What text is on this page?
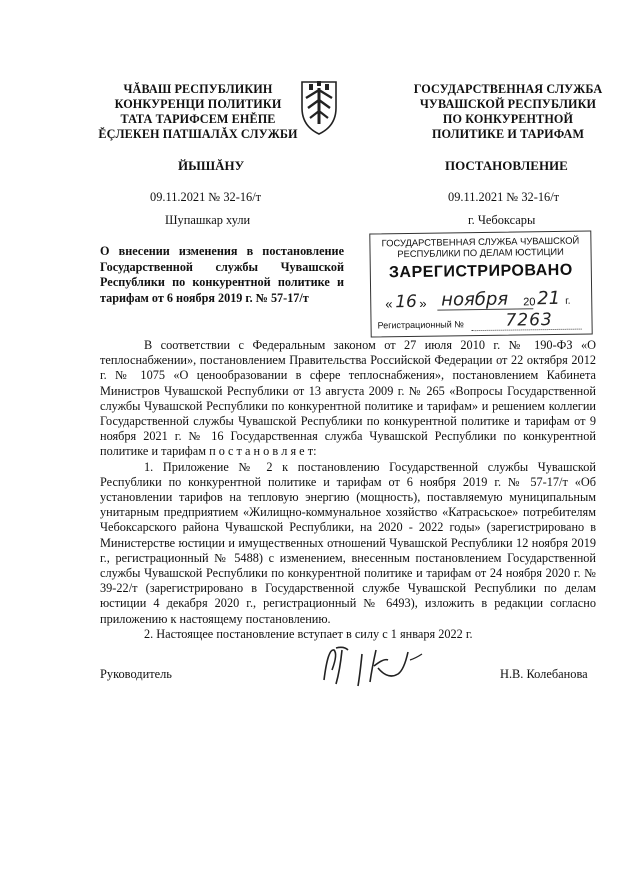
ЧĂВАШ РЕСПУБЛИКИН
КОНКУРЕНЦИ ПОЛИТИКИ
ТАТА ТАРИФСЕМ ЕНĔПЕ
ĔÇЛЕКЕН ПАТШАЛĂХ СЛУЖБИ
ГОСУДАРСТВЕННАЯ СЛУЖБА
ЧУВАШСКОЙ РЕСПУБЛИКИ
ПО КОНКУРЕНТНОЙ
ПОЛИТИКЕ И ТАРИФАМ
ЙЫШĂНУ	ПОСТАНОВЛЕНИЕ
09.11.2021 № 32-16/т	09.11.2021 № 32-16/т
Шупашкар хули	г. Чебоксары
О внесении изменения в постановление Государственной службы Чувашской Республики по конкурентной политике и тарифам от 6 ноября 2019 г. № 57-17/т
ГОСУДАРСТВЕННАЯ СЛУЖБА ЧУВАШСКОЙ
РЕСПУБЛИКИ ПО ДЕЛАМ ЮСТИЦИИ
ЗАРЕГИСТРИРОВАНО
« 16 » ноября 20 21 г.
Регистрационный № 7263

В соответствии с Федеральным законом от 27 июля 2010 г. № 190-ФЗ «О теплоснабжении», постановлением Правительства Российской Федерации от 22 октября 2012 г. № 1075 «О ценообразовании в сфере теплоснабжения», постановлением Кабинета Министров Чувашской Республики от 13 августа 2009 г. № 265 «Вопросы Государственной службы Чувашской Республики по конкурентной политике и тарифам» и решением коллегии Государственной службы Чувашской Республики по конкурентной политике и тарифам от 9 ноября 2021 г. № 16 Государственная служба Чувашской Республики по конкурентной политике и тарифам п о с т а н о в л я е т:

1. Приложение № 2 к постановлению Государственной службы Чувашской Республики по конкурентной политике и тарифам от 6 ноября 2019 г. № 57-17/т «Об установлении тарифов на тепловую энергию (мощность), поставляемую муниципальным унитарным предприятием «Жилищно-коммунальное хозяйство «Катрасьское» потребителям Чебоксарского района Чувашской Республики, на 2020 - 2022 годы» (зарегистрировано в Министерстве юстиции и имущественных отношений Чувашской Республики 12 ноября 2019 г., регистрационный № 5488) с изменением, внесенным постановлением Государственной службы Чувашской Республики по конкурентной политике и тарифам от 24 ноября 2020 г. № 39-22/т (зарегистрировано в Государственной службе Чувашской Республики по делам юстиции 4 декабря 2020 г., регистрационный № 6493), изложить в редакции согласно приложению к настоящему постановлению.

2. Настоящее постановление вступает в силу с 1 января 2022 г.

Руководитель	Н.В. Колебанова
